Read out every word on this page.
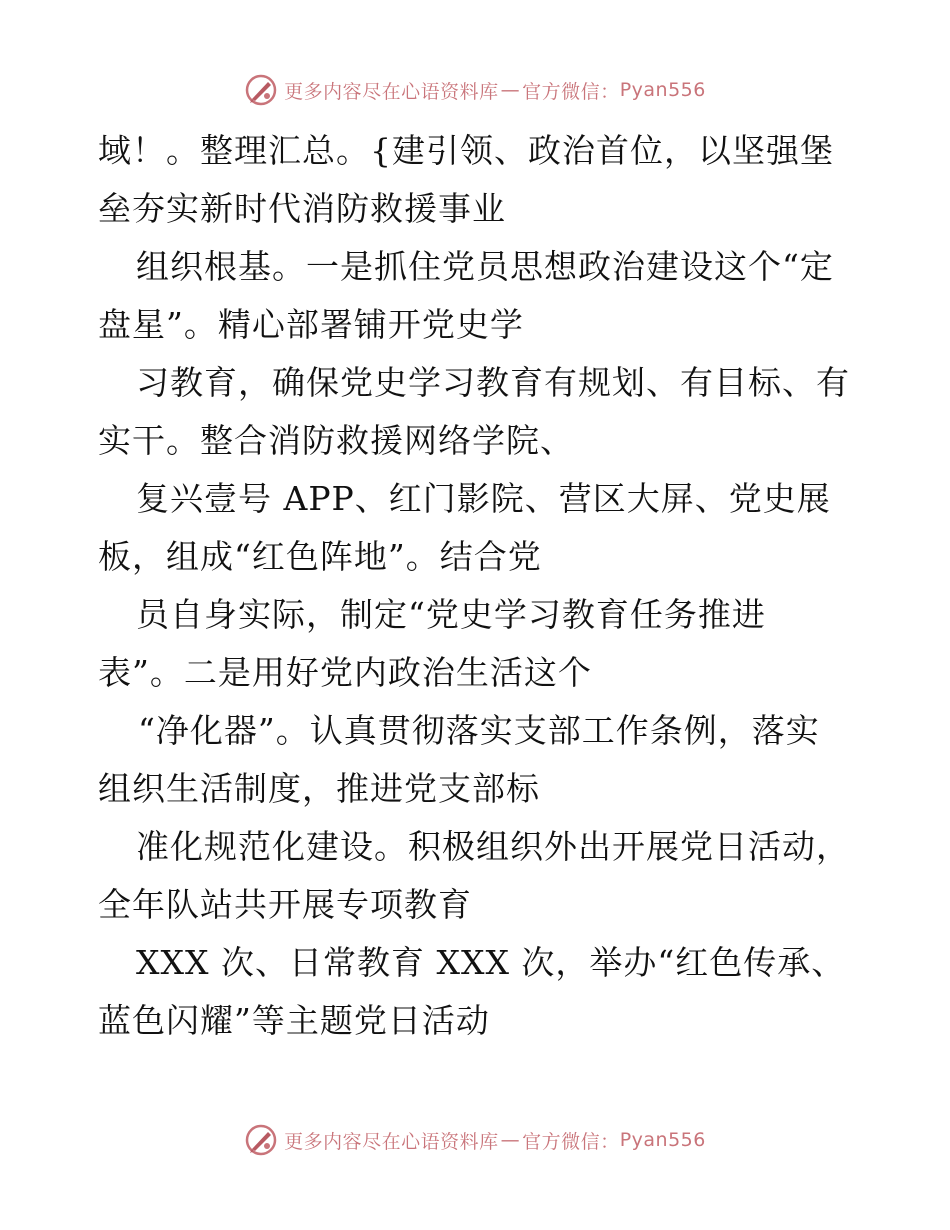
更多内容尽在心语资料库 — 官方微信： Pyan556
域！。整理汇总。{建引领、政治首位，以坚强堡
垒夯实新时代消防救援事业
组织根基。一是抓住党员思想政治建设这个“定
盘星”。精心部署铺开党史学
习教育，确保党史学习教育有规划、有目标、有
实干。整合消防救援网络学院、
复兴壹号 APP、红门影院、营区大屏、党史展
板，组成“红色阵地”。结合党
员自身实际，制定“党史学习教育任务推进
表”。二是用好党内政治生活这个
“净化器”。认真贯彻落实支部工作条例，落实
组织生活制度，推进党支部标
准化规范化建设。积极组织外出开展党日活动，
全年队站共开展专项教育
XXX 次、日常教育 XXX 次，举办“红色传承、
蓝色闪耀”等主题党日活动
更多内容尽在心语资料库 — 官方微信： Pyan556
